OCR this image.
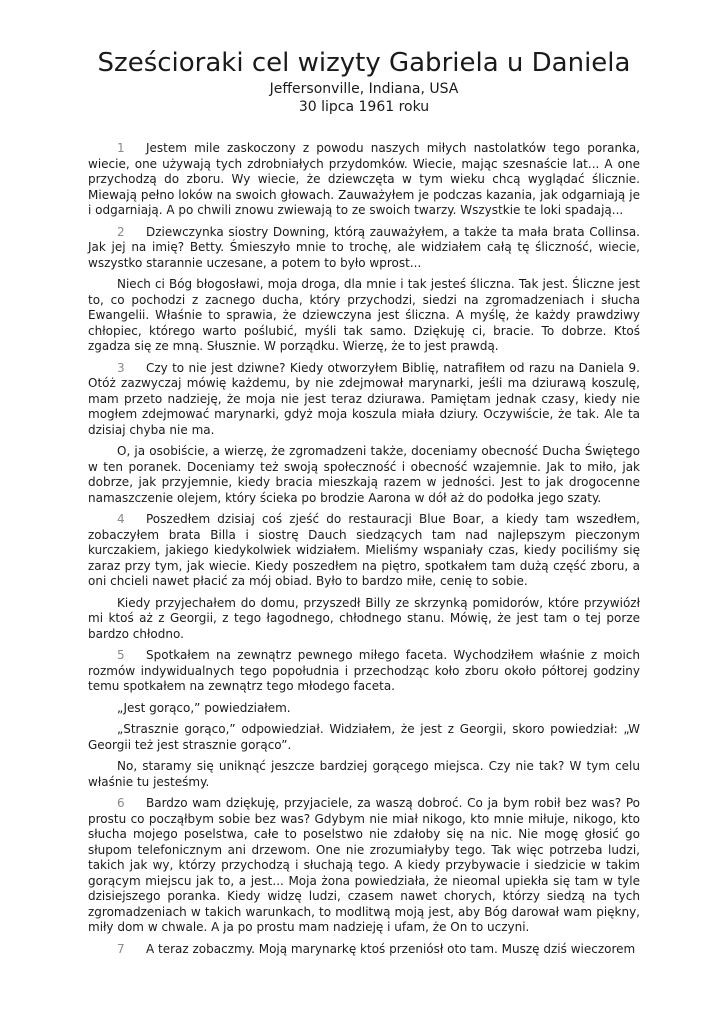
Sześcioraki cel wizyty Gabriela u Daniela

Jeffersonville, Indiana, USA

30 lipca 1961 roku

1 Jestem mile zaskoczony z powodu naszych miłych nastolatków tego poranka, wiecie, one używają tych zdrobniałych przydomków. Wiecie, mając szesnaście lat... A one przychodzą do zboru. Wy wiecie, że dziewczęta w tym wieku chcą wyglądać ślicznie. Miewają pełno loków na swoich głowach. Zauważyłem je podczas kazania, jak odgarniają je i odgarniają. A po chwili znowu zwiewają to ze swoich twarzy. Wszystkie te loki spadają...

2 Dziewczynka siostry Downing, którą zauważyłem, a także ta mała brata Collinsa. Jak jej na imię? Betty. Śmieszyło mnie to trochę, ale widziałem całą tę śliczność, wiecie, wszystko starannie uczesane, a potem to było wprost...

Niech ci Bóg błogosławi, moja droga, dla mnie i tak jesteś śliczna. Tak jest. Śliczne jest to, co pochodzi z zacnego ducha, który przychodzi, siedzi na zgromadzeniach i słucha Ewangelii. Właśnie to sprawia, że dziewczyna jest śliczna. A myślę, że każdy prawdziwy chłopiec, którego warto poślubić, myśli tak samo. Dziękuję ci, bracie. To dobrze. Ktoś zgadza się ze mną. Słusznie. W porządku. Wierzę, że to jest prawdą.

3 Czy to nie jest dziwne? Kiedy otworzyłem Biblię, natrafiłem od razu na Daniela 9. Otóż zazwyczaj mówię każdemu, by nie zdejmował marynarki, jeśli ma dziurawą koszulę, mam przeto nadzieję, że moja nie jest teraz dziurawa. Pamiętam jednak czasy, kiedy nie mogłem zdejmować marynarki, gdyż moja koszula miała dziury. Oczywiście, że tak. Ale ta dzisiaj chyba nie ma.

O, ja osobiście, a wierzę, że zgromadzeni także, doceniamy obecność Ducha Świętego w ten poranek. Doceniamy też swoją społeczność i obecność wzajemnie. Jak to miło, jak dobrze, jak przyjemnie, kiedy bracia mieszkają razem w jedności. Jest to jak drogocenne namaszczenie olejem, który ścieka po brodzie Aarona w dół aż do podołka jego szaty.

4 Poszedłem dzisiaj coś zjeść do restauracji Blue Boar, a kiedy tam wszedłem, zobaczyłem brata Billa i siostrę Dauch siedzących tam nad najlepszym pieczonym kurczakiem, jakiego kiedykolwiek widziałem. Mieliśmy wspaniały czas, kiedy pociliśmy się zaraz przy tym, jak wiecie. Kiedy poszedłem na piętro, spotkałem tam dużą część zboru, a oni chcieli nawet płacić za mój obiad. Było to bardzo miłe, cenię to sobie.

Kiedy przyjechałem do domu, przyszedł Billy ze skrzynką pomidorów, które przywiózł mi ktoś aż z Georgii, z tego łagodnego, chłodnego stanu. Mówię, że jest tam o tej porze bardzo chłodno.

5 Spotkałem na zewnątrz pewnego miłego faceta. Wychodziłem właśnie z moich rozmów indywidualnych tego popołudnia i przechodząc koło zboru około półtorej godziny temu spotkałem na zewnątrz tego młodego faceta.

„Jest gorąco,” powiedziałem.

„Strasznie gorąco,” odpowiedział. Widziałem, że jest z Georgii, skoro powiedział: „W Georgii też jest strasznie gorąco”.

No, staramy się uniknąć jeszcze bardziej gorącego miejsca. Czy nie tak? W tym celu właśnie tu jesteśmy.

6 Bardzo wam dziękuję, przyjaciele, za waszą dobroć. Co ja bym robił bez was? Po prostu co począłbym sobie bez was? Gdybym nie miał nikogo, kto mnie miłuje, nikogo, kto słucha mojego poselstwa, całe to poselstwo nie zdałoby się na nic. Nie mogę głosić go słupom telefonicznym ani drzewom. One nie zrozumiałyby tego. Tak więc potrzeba ludzi, takich jak wy, którzy przychodzą i słuchają tego. A kiedy przybywacie i siedzicie w takim gorącym miejscu jak to, a jest... Moja żona powiedziała, że nieomal upiekła się tam w tyle dzisiejszego poranka. Kiedy widzę ludzi, czasem nawet chorych, którzy siedzą na tych zgromadzeniach w takich warunkach, to modlitwą moją jest, aby Bóg darował wam piękny, miły dom w chwale. A ja po prostu mam nadzieję i ufam, że On to uczyni.

7 A teraz zobaczmy. Moją marynarkę ktoś przeniósł oto tam. Muszę dziś wieczorem
